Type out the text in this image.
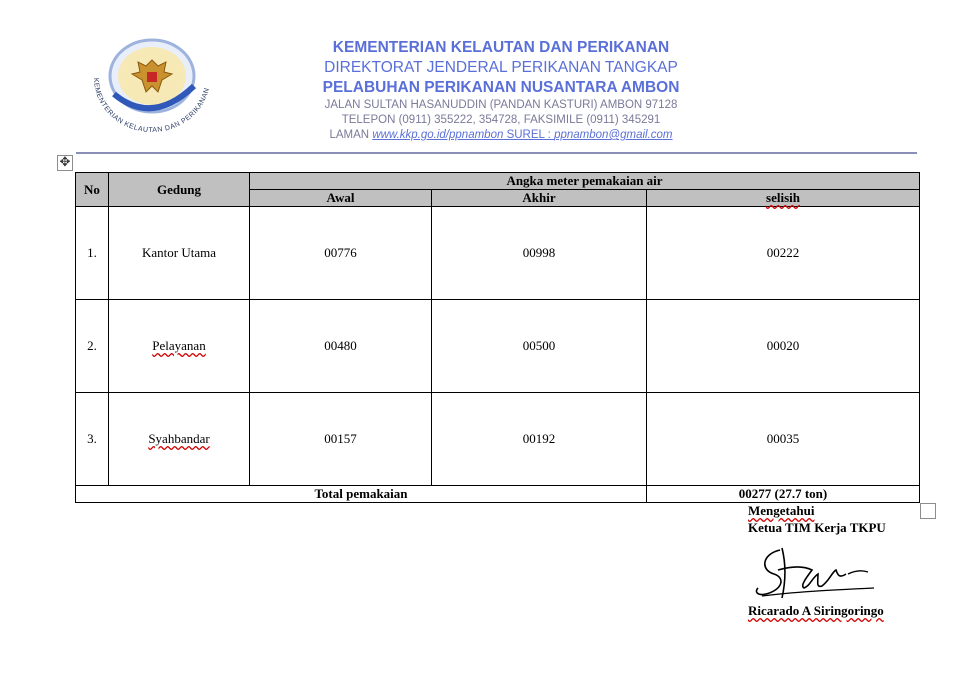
KEMENTERIAN KELAUTAN DAN PERIKANAN
KEMENTERIAN KELAUTAN DAN PERIKANAN
DIREKTORAT JENDERAL PERIKANAN TANGKAP
PELABUHAN PERIKANAN NUSANTARA AMBON
JALAN SULTAN HASANUDDIN (PANDAN KASTURI) AMBON 97128
TELEPON (0911) 355222, 354728, FAKSIMILE (0911) 345291
LAMAN www.kkp.go.id/ppnambon SUREL : ppnambon@gmail.com
✥
No	Gedung	Angka meter pemakaian air		
		Awal	Akhir	selisih
1.	Kantor Utama	00776	00998	00222
2.	Pelayanan	00480	00500	00020
3.	Syahbandar	00157	00192	00035
Total pemakaian				00277 (27.7 ton)
Mengetahui
Ketua TIM Kerja TKPU
Ricarado A Siringoringo
